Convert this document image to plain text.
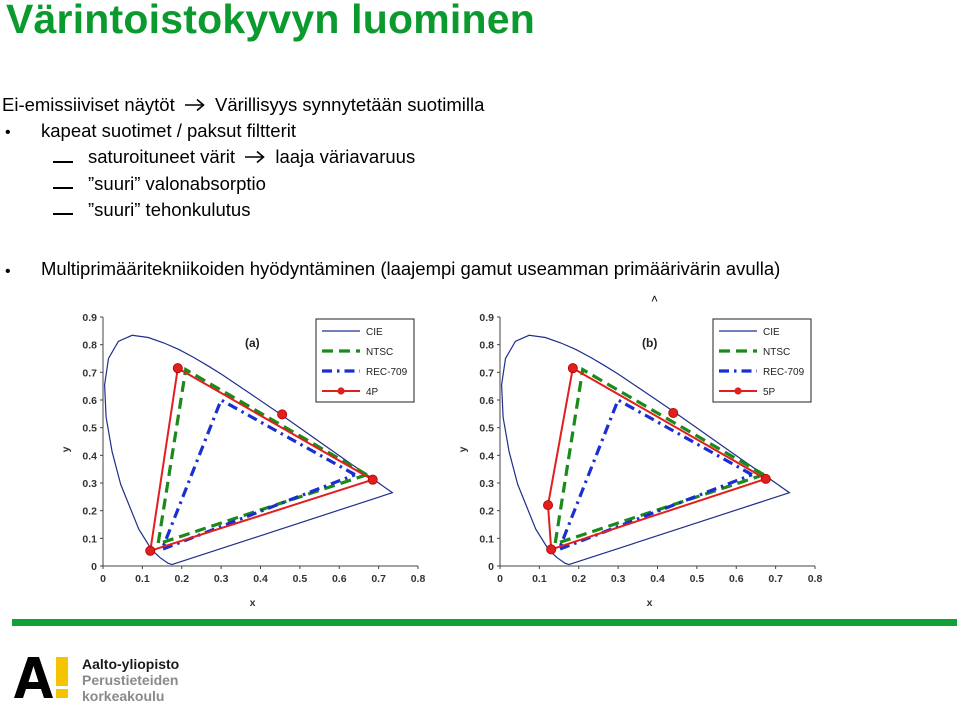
Värintoistokyvyn luominen
Ei-emissiiviset näytöt Värillisyys synnytetään suotimilla
• kapeat suotimet / paksut filtterit
saturoituneet värit laaja väriavaruus
”suuri” valonabsorptio
”suuri” tehonkulutus
• Multiprimääritekniikoiden hyödyntäminen (laajempi gamut useamman primäärivärin avulla)
˄
0	0.1 0.2 0.3 0.4 0.5 0.6 0.7 0.8
0
0.1
0.2
0.3
0.4
0.5
0.6
0.7
0.8
0.9
x
y
(a)
CIE
NTSC
REC-709
4P
0	0.1 0.2 0.3 0.4 0.5 0.6 0.7 0.8
0
0.1
0.2
0.3
0.4
0.5
0.6
0.7
0.8
0.9
x
y
(b)
CIE
NTSC
REC-709
5P
Aalto-yliopisto
Perustieteiden
korkeakoulu
